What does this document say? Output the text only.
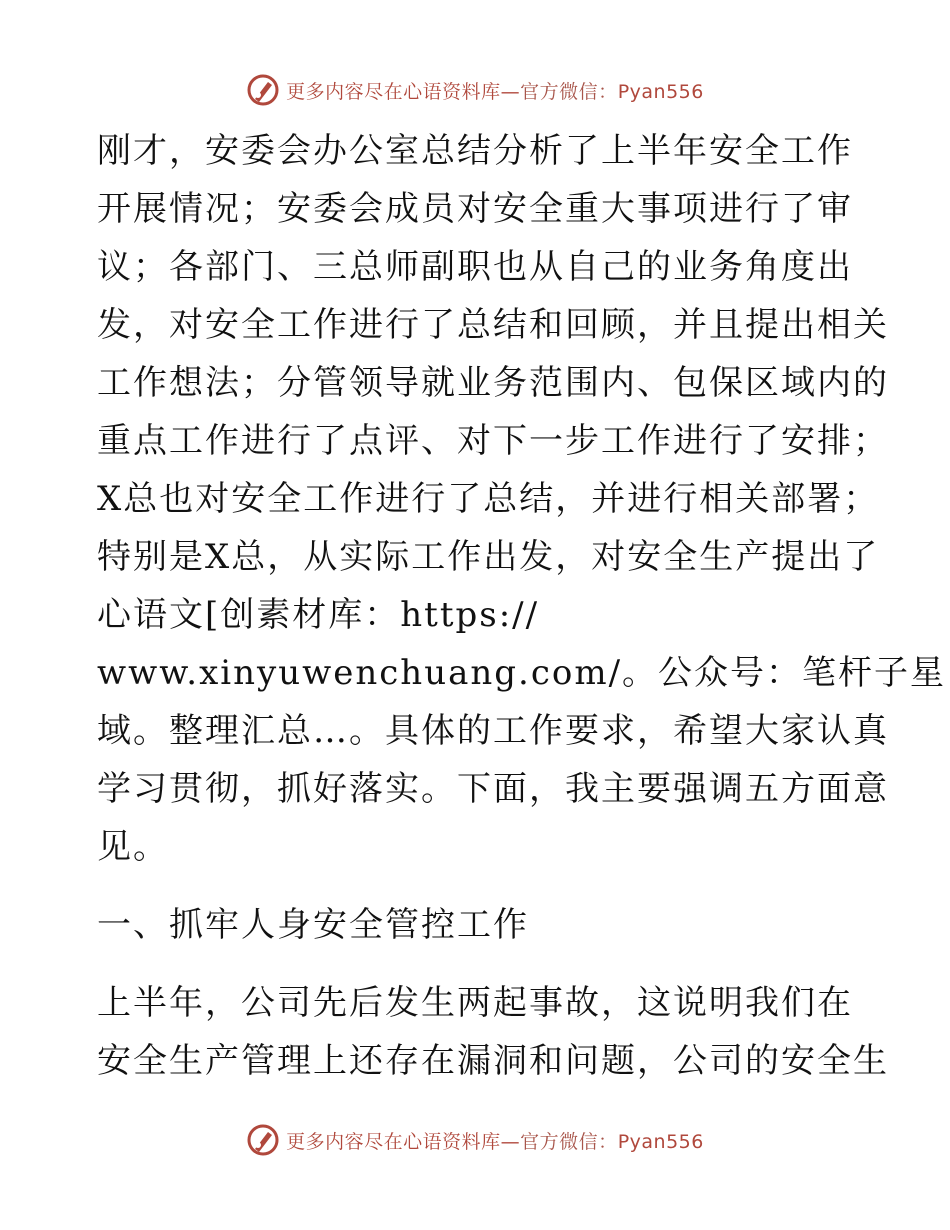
更多内容尽在心语资料库—官方微信：Pyan556
刚才，安委会办公室总结分析了上半年安全工作
开展情况；安委会成员对安全重大事项进行了审
议；各部门、三总师副职也从自己的业务角度出
发，对安全工作进行了总结和回顾，并且提出相关
工作想法；分管领导就业务范围内、包保区域内的
重点工作进行了点评、对下一步工作进行了安排；
X总也对安全工作进行了总结，并进行相关部署；
特别是X总，从实际工作出发，对安全生产提出了
心语文[创素材库：https://
www.xinyuwenchuang.com/。公众号：笔杆子星
域。整理汇总…。具体的工作要求，希望大家认真
学习贯彻，抓好落实。下面，我主要强调五方面意
见。
一、抓牢人身安全管控工作
上半年，公司先后发生两起事故，这说明我们在
安全生产管理上还存在漏洞和问题，公司的安全生
更多内容尽在心语资料库—官方微信：Pyan556
